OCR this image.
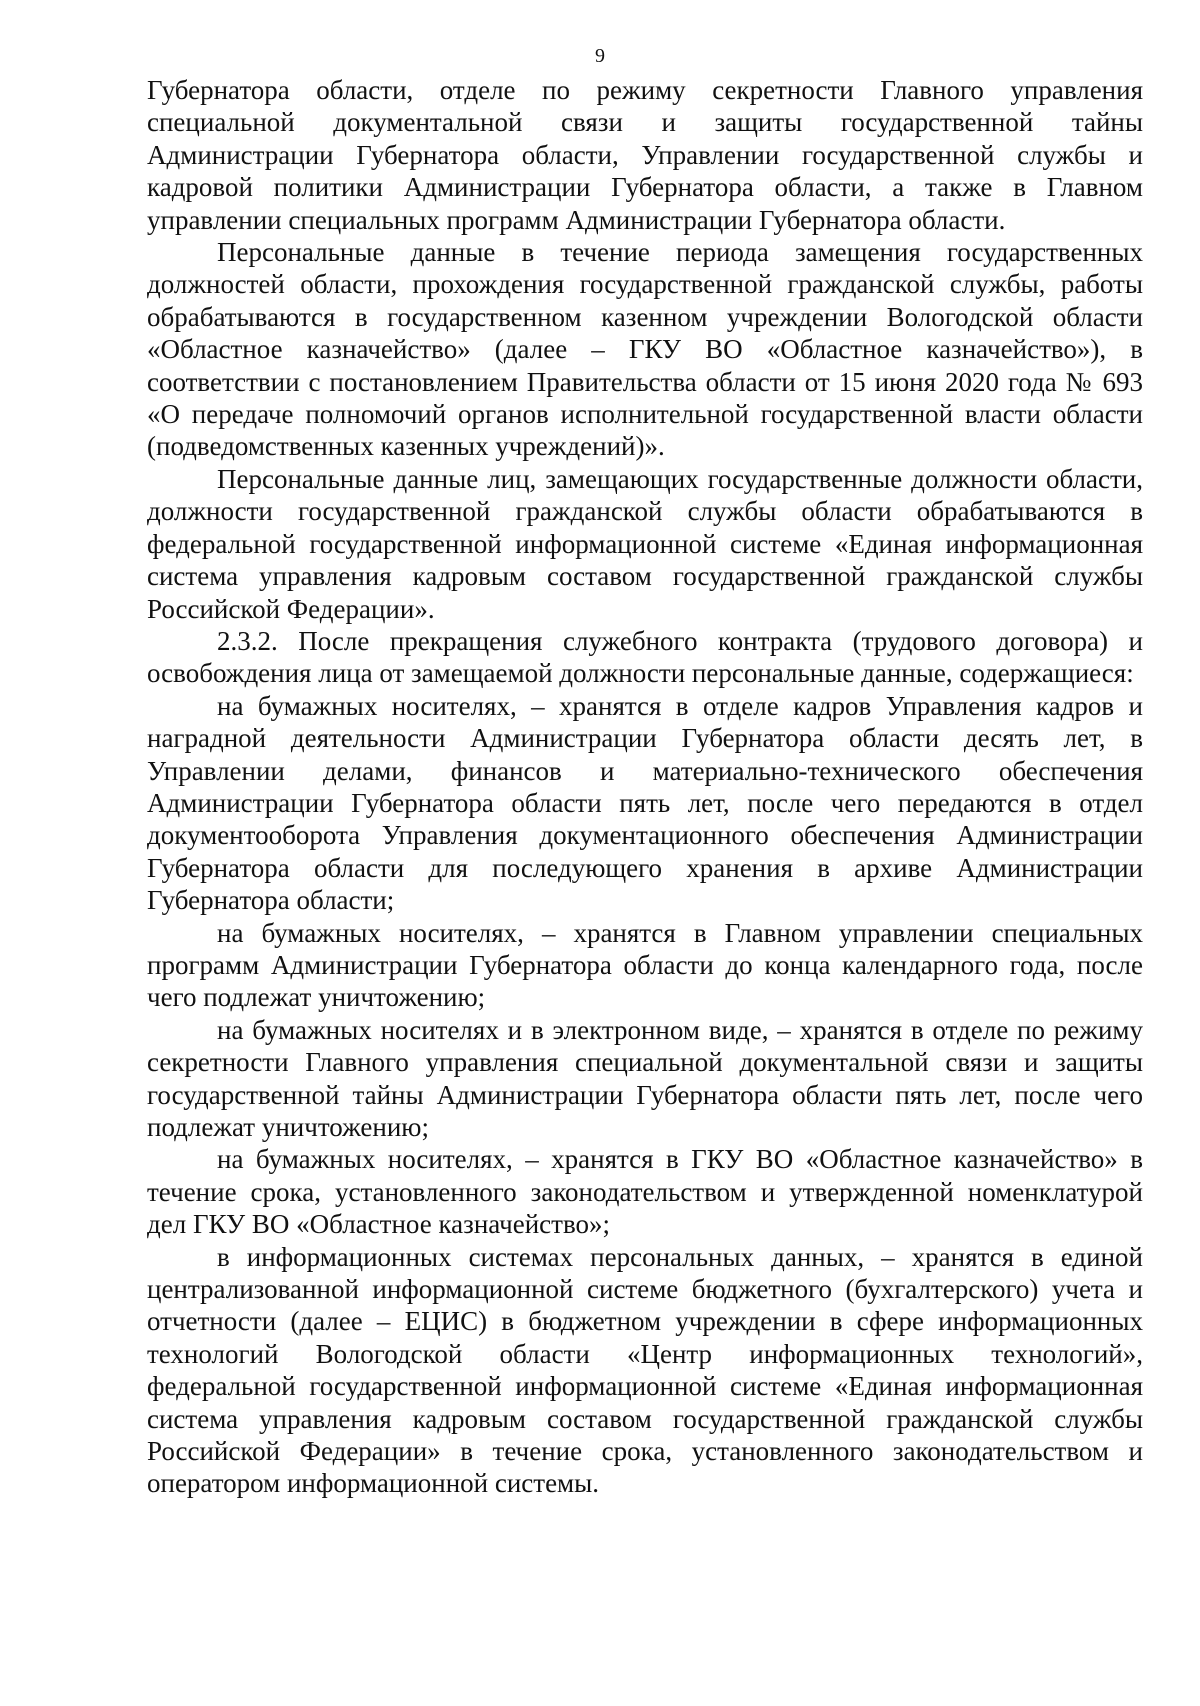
9

Губернатора области, отделе по режиму секретности Главного управления специальной документальной связи и защиты государственной тайны Администрации Губернатора области, Управлении государственной службы и кадровой политики Администрации Губернатора области, а также в Главном управлении специальных программ Администрации Губернатора области.

Персональные данные в течение периода замещения государственных должностей области, прохождения государственной гражданской службы, работы обрабатываются в государственном казенном учреждении Вологодской области «Областное казначейство» (далее – ГКУ ВО «Областное казначейство»), в соответствии с постановлением Правительства области от 15 июня 2020 года № 693 «О передаче полномочий органов исполнительной государственной власти области (подведомственных казенных учреждений)».

Персональные данные лиц, замещающих государственные должности области, должности государственной гражданской службы области обрабатываются в федеральной государственной информационной системе «Единая информационная система управления кадровым составом государственной гражданской службы Российской Федерации».

2.3.2. После прекращения служебного контракта (трудового договора) и освобождения лица от замещаемой должности персональные данные, содержащиеся:

на бумажных носителях, – хранятся в отделе кадров Управления кадров и наградной деятельности Администрации Губернатора области десять лет, в Управлении делами, финансов и материально-технического обеспечения Администрации Губернатора области пять лет, после чего передаются в отдел документооборота Управления документационного обеспечения Администрации Губернатора области для последующего хранения в архиве Администрации Губернатора области;

на бумажных носителях, – хранятся в Главном управлении специальных программ Администрации Губернатора области до конца календарного года, после чего подлежат уничтожению;

на бумажных носителях и в электронном виде, – хранятся в отделе по режиму секретности Главного управления специальной документальной связи и защиты государственной тайны Администрации Губернатора области пять лет, после чего подлежат уничтожению;

на бумажных носителях, – хранятся в ГКУ ВО «Областное казначейство» в течение срока, установленного законодательством и утвержденной номенклатурой дел ГКУ ВО «Областное казначейство»;

в информационных системах персональных данных, – хранятся в единой централизованной информационной системе бюджетного (бухгалтерского) учета и отчетности (далее – ЕЦИС) в бюджетном учреждении в сфере информационных технологий Вологодской области «Центр информационных технологий», федеральной государственной информационной системе «Единая информационная система управления кадровым составом государственной гражданской службы Российской Федерации» в течение срока, установленного законодательством и оператором информационной системы.
